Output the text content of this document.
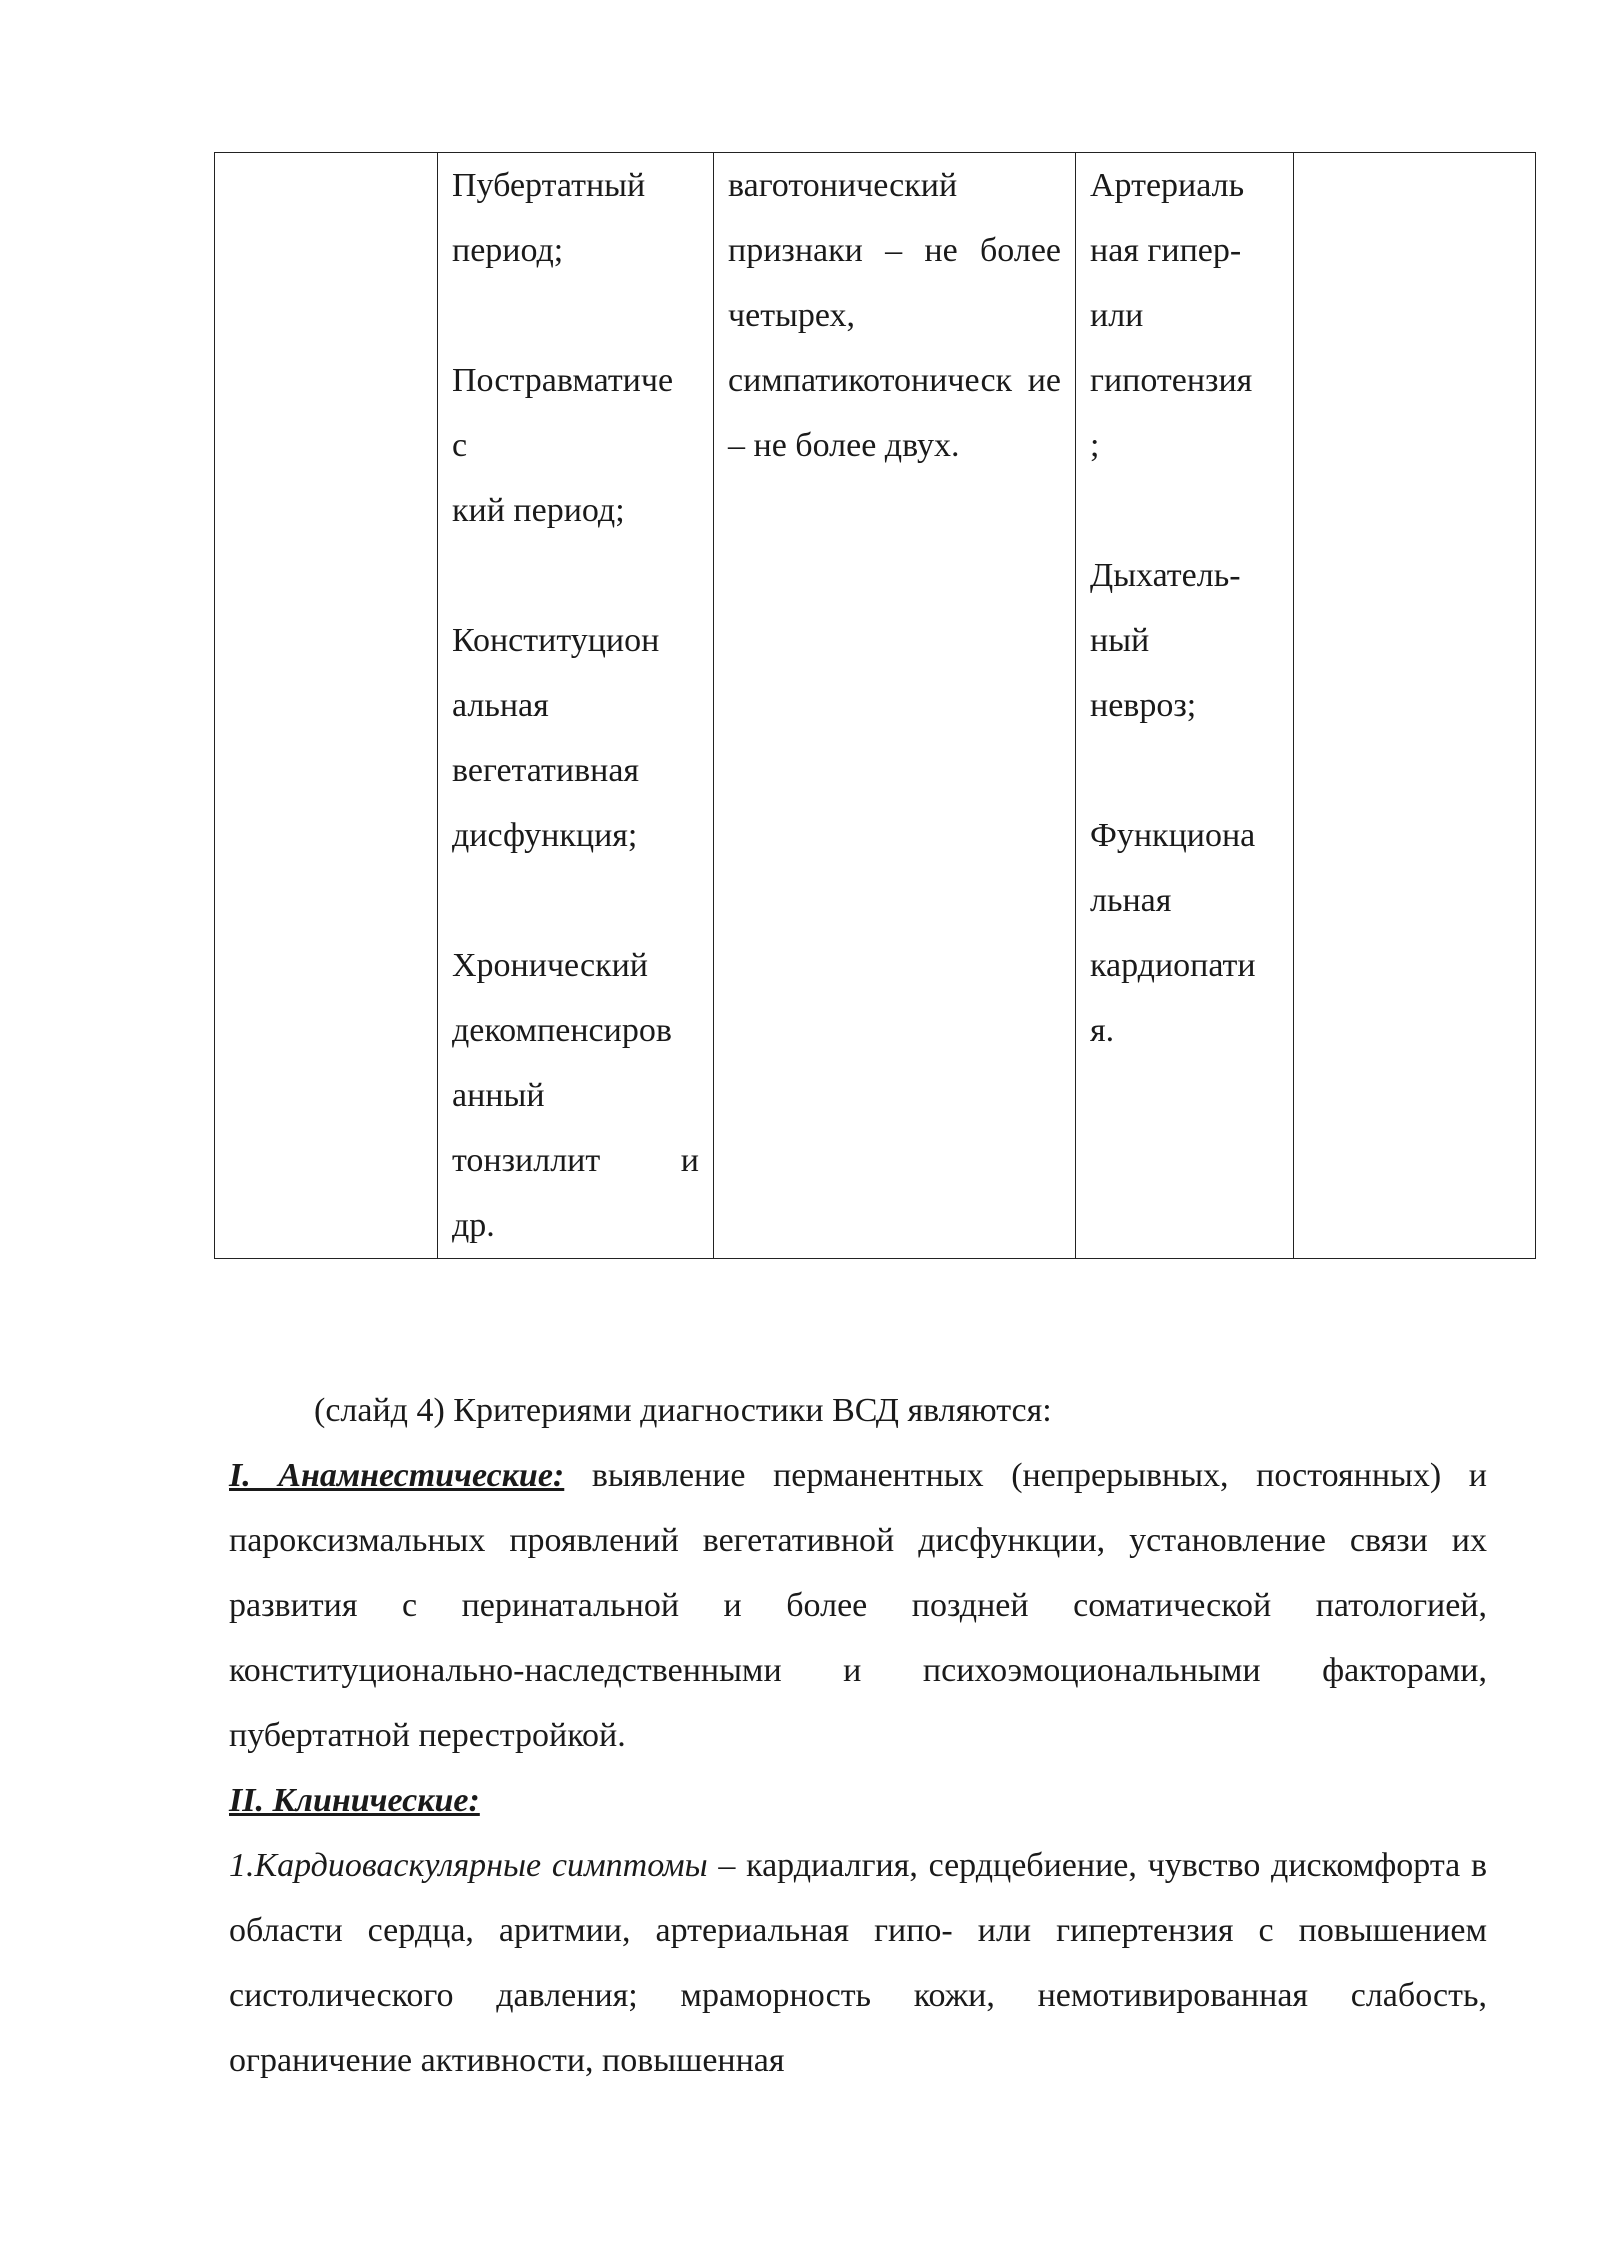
	Пубертатный
период;

Постравматиче
с
кий период;

Конституцион
альная
вегетативная
дисфункция;

Хронический
декомпенсиров
анный
тонзиллит и
др.	ваготонический

признаки – не более четырех, симпатикотоническ ие – не более двух.
	Артериаль
ная гипер-
или
гипотензия
;

Дыхатель-
ный
невроз;

Функциона
льная
кардиопати
я.	

(слайд 4) Критериями диагностики ВСД являются:

I. Анамнестические: выявление перманентных (непрерывных, постоянных) и пароксизмальных проявлений вегетативной дисфункции, установление связи их развития с перинатальной и более поздней соматической патологией, конституционально-наследственными и психоэмоциональными факторами, пубертатной перестройкой.

II. Клинические:

1.Кардиоваскулярные симптомы – кардиалгия, сердцебиение, чувство дискомфорта в области сердца, аритмии, артериальная гипо- или гипертензия с повышением систолического давления; мраморность кожи, немотивированная слабость, ограничение активности, повышенная
